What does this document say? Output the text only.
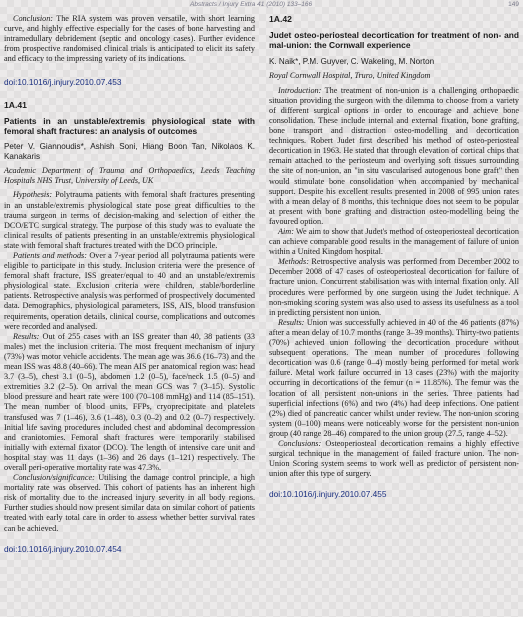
Abstracts / Injury Extra 41 (2010) 133–166	149

Conclusion: The RIA system was proven versatile, with short learning curve, and highly effective especially for the cases of bone harvesting and intramedullary debridement (septic and oncology cases). Further evidence from prospective randomised clinical trials is anticipated to elicit its safety and efficacy to the impressing variety of its indications.

doi:10.1016/j.injury.2010.07.453

1A.41

Patients in an unstable/extremis physiological state with femoral shaft fractures: an analysis of outcomes

Peter V. Giannoudis*, Ashish Soni, Hiang Boon Tan, Nikolaos K. Kanakaris

Academic Department of Trauma and Orthopaedics, Leeds Teaching Hospitals NHS Trust, University of Leeds, UK

Hypothesis: Polytrauma patients with femoral shaft fractures presenting in an unstable/extremis physiological state pose great difficulties to the trauma surgeon in terms of decision-making and selection of either the DCO/ETC surgical strategy. The purpose of this study was to evaluate the clinical results of patients presenting in an unstable/extremis physiological state with femoral shaft fractures treated with the DCO principle.

Patients and methods: Over a 7-year period all polytrauma patients were eligible to participate in this study. Inclusion criteria were the presence of femoral shaft fracture, ISS greater/equal to 40 and an unstable/extremis physiological state. Exclusion criteria were children, stable/borderline patients. Retrospective analysis was performed of prospectively documented data. Demographics, physiological parameters, ISS, AIS, blood transfusion requirements, operation details, clinical course, complications and outcomes were recorded and analysed.

Results: Out of 255 cases with an ISS greater than 40, 38 patients (33 males) met the inclusion criteria. The most frequent mechanism of injury (73%) was motor vehicle accidents. The mean age was 36.6 (16–73) and the mean ISS was 48.8 (40–66). The mean AIS per anatomical region was: head 3.7 (3–5), chest 3.1 (0–5), abdomen 1.2 (0–5), face/neck 1.5 (0–5) and extremities 3.2 (2–5). On arrival the mean GCS was 7 (3–15). Systolic blood pressure and heart rate were 100 (70–108 mmHg) and 114 (85–151). The mean number of blood units, FFPs, cryoprecipitate and platelets transfused was 7 (1–46), 3.6 (1–48), 0.3 (0–2) and 0.2 (0–7) respectively. Initial life saving procedures included chest and abdominal decompression and craniotomies. Femoral shaft fractures were temporarily stabilised initially with external fixator (DCO). The length of intensive care unit and hospital stay was 11 days (1–36) and 26 days (1–121) respectively. The overall peri-operative mortality rate was 47.3%.

Conclusion/significance: Utilising the damage control principle, a high mortality rate was observed. This cohort of patients has an inherent high risk of mortality due to the increased injury severity in all body regions. Further studies should now present similar data on similar cohort of patients treated with early total care in order to assess whether better survival rates can be achieved.

doi:10.1016/j.injury.2010.07.454

1A.42

Judet osteo-periosteal decortication for treatment of non- and mal-union: the Cornwall experience

K. Naik*, P.M. Guyver, C. Wakeling, M. Norton

Royal Cornwall Hospital, Truro, United Kingdom

Introduction: The treatment of non-union is a challenging orthopaedic situation providing the surgeon with the dilemma to choose from a variety of different surgical options in order to encourage and achieve bone consolidation. These include internal and external fixation, bone grafting, bone transport and distraction osteo-modelling and decortication techniques. Robert Judet first described his method of osteo-periosteal decortication in 1963. He stated that through elevation of cortical chips that remain attached to the periosteum and overlying soft tissues surrounding the site of non-union, an "in situ vascularised autogenous bone graft" then would stimulate bone consolidation when accompanied by mechanical support. Despite his excellent results presented in 2008 of 995 union rates with a mean delay of 8 months, this technique does not seem to be popular at present with bone grafting and distraction osteo-modelling being the favoured option.

Aim: We aim to show that Judet's method of osteoperiosteal decortication can achieve comparable good results in the management of failure of union within a United Kingdom hospital.

Methods: Retrospective analysis was performed from December 2002 to December 2008 of 47 cases of osteoperiosteal decortication for failure of fracture union. Concurrent stabilisation was with internal fixation only. All procedures were performed by one surgeon using the Judet technique. A non-smoking scoring system was also used to assess its usefulness as a tool in predicting persistent non union.

Results: Union was successfully achieved in 40 of the 46 patients (87%) after a mean delay of 10.7 months (range 3–39 months). Thirty-two patients (70%) achieved union following the decortication procedure without subsequent operations. The mean number of procedures following decortication was 0.6 (range 0–4) mostly being performed for metal work failure. Metal work failure occurred in 13 cases (23%) with the majority occurring in decortications of the femur (n = 11.85%). The femur was the location of all persistent non-unions in the series. Three patients had superficial infections (6%) and two (4%) had deep infections. One patient (2%) died of pancreatic cancer whilst under review. The non-union scoring system (0–100) means were noticeably worse for the persistent non-union group (40 range 28–46) compared to the union group (27.5, range 4–52).

Conclusions: Osteoperiosteal decortication remains a highly effective surgical technique in the management of failed fracture union. The non-Union Scoring system seems to work well as predictor of persistent non-union after this type of surgery.

doi:10.1016/j.injury.2010.07.455
